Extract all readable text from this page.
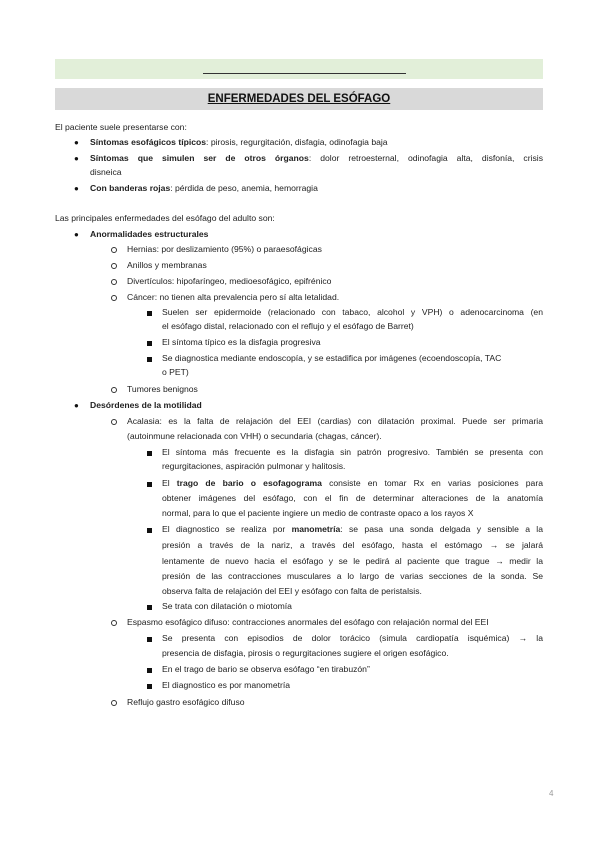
ENFERMEDADES DEL ESÓFAGO
El paciente suele presentarse con:
● Síntomas esofágicos típicos: pirosis, regurgitación, disfagia, odinofagia baja
● Síntomas que simulen ser de otros órganos: dolor retroesternal, odinofagia alta, disfonía, crisis
disneica
● Con banderas rojas: pérdida de peso, anemia, hemorragia
Las principales enfermedades del esófago del adulto son:
● Anormalidades estructurales
Hernias: por deslizamiento (95%) o paraesofágicas
Anillos y membranas
Divertículos: hipofaríngeo, medioesofágico, epifrénico
Cáncer: no tienen alta prevalencia pero sí alta letalidad.
Suelen ser epidermoide (relacionado con tabaco, alcohol y VPH) o adenocarcinoma (en
el esófago distal, relacionado con el reflujo y el esófago de Barret)
El síntoma típico es la disfagia progresiva
Se diagnostica mediante endoscopía, y se estadifica por imágenes (ecoendoscopía, TAC
o PET)
Tumores benignos
● Desórdenes de la motilidad
Acalasia: es la falta de relajación del EEI (cardias) con dilatación proximal. Puede ser primaria
(autoinmune relacionada con VHH) o secundaria (chagas, cáncer).
El síntoma más frecuente es la disfagia sin patrón progresivo. También se presenta con
regurgitaciones, aspiración pulmonar y halitosis.
El trago de bario o esofagograma consiste en tomar Rx en varias posiciones para
obtener imágenes del esófago, con el fin de determinar alteraciones de la anatomía
normal, para lo que el paciente ingiere un medio de contraste opaco a los rayos X
El diagnostico se realiza por manometría: se pasa una sonda delgada y sensible a la
presión a través de la nariz, a través del esófago, hasta el estómago → se jalará
lentamente de nuevo hacia el esófago y se le pedirá al paciente que trague → medir la
presión de las contracciones musculares a lo largo de varias secciones de la sonda. Se
observa falta de relajación del EEI y esófago con falta de peristalsis.
Se trata con dilatación o miotomía
Espasmo esofágico difuso: contracciones anormales del esófago con relajación normal del EEI
Se presenta con episodios de dolor torácico (simula cardiopatía isquémica) → la
presencia de disfagia, pirosis o regurgitaciones sugiere el origen esofágico.
En el trago de bario se observa esófago “en tirabuzón”
El diagnostico es por manometría
Reflujo gastro esofágico difuso
4
